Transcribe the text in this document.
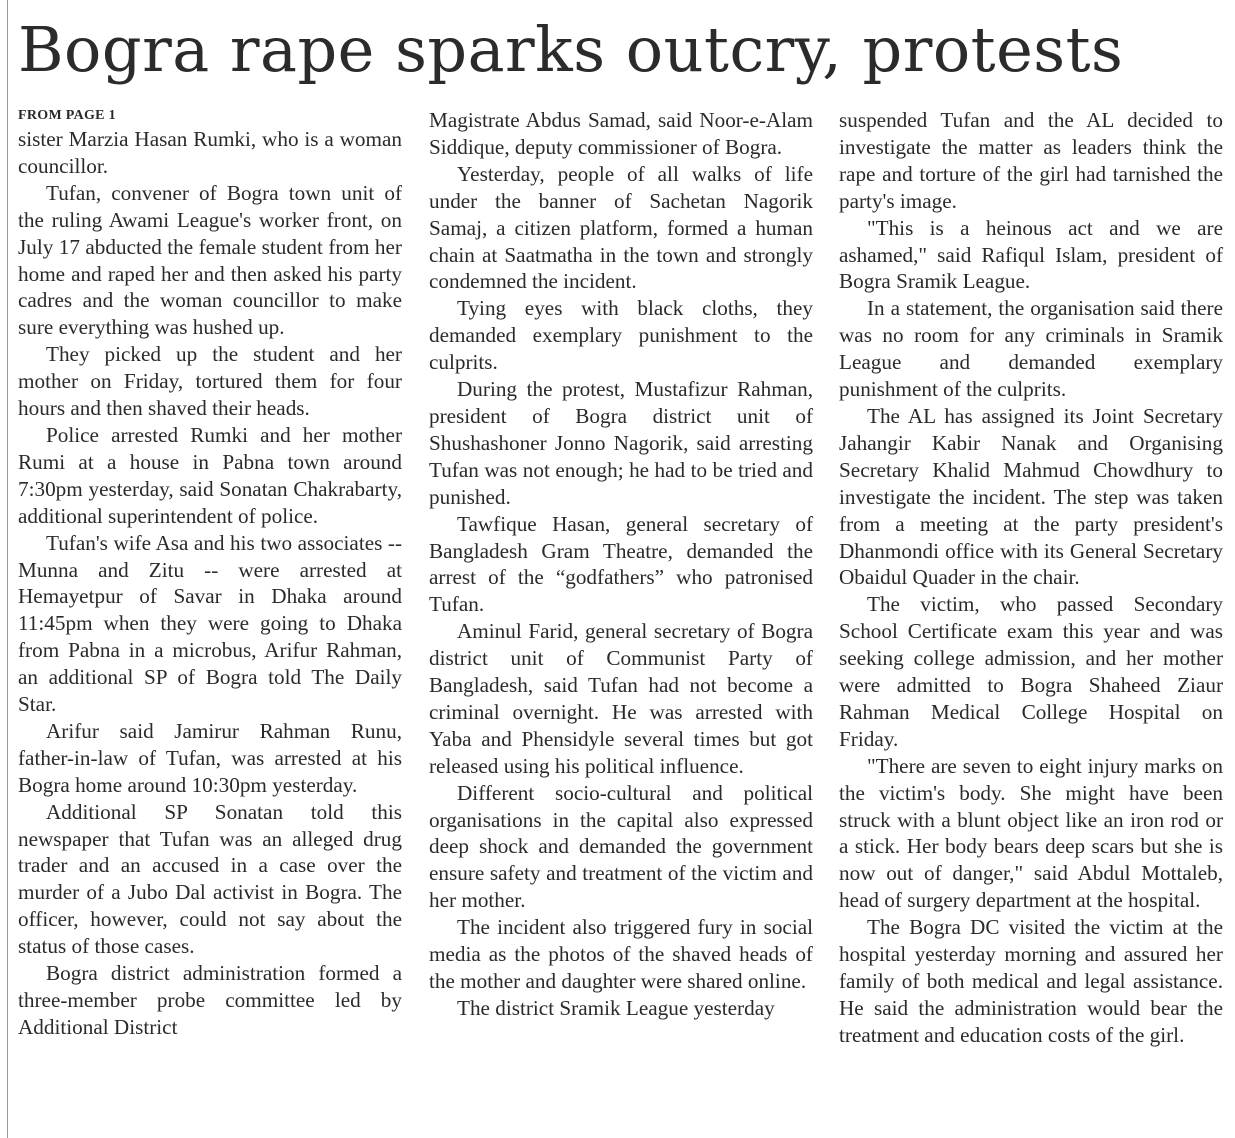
Bogra rape sparks outcry, protests
FROM PAGE 1

sister Marzia Hasan Rumki, who is a woman councillor.

Tufan, convener of Bogra town unit of the ruling Awami League's worker front, on July 17 abducted the female student from her home and raped her and then asked his party cadres and the woman councillor to make sure everything was hushed up.

They picked up the student and her mother on Friday, tortured them for four hours and then shaved their heads.

Police arrested Rumki and her mother Rumi at a house in Pabna town around 7:30pm yesterday, said Sonatan Chakrabarty, additional superintendent of police.

Tufan's wife Asa and his two associates -- Munna and Zitu -- were arrested at Hemayetpur of Savar in Dhaka around 11:45pm when they were going to Dhaka from Pabna in a microbus, Arifur Rahman, an additional SP of Bogra told The Daily Star.

Arifur said Jamirur Rahman Runu, father-in-law of Tufan, was arrested at his Bogra home around 10:30pm yesterday.

Additional SP Sonatan told this newspaper that Tufan was an alleged drug trader and an accused in a case over the murder of a Jubo Dal activist in Bogra. The officer, however, could not say about the status of those cases.

Bogra district administration formed a three-member probe committee led by Additional District

Magistrate Abdus Samad, said Noor-e-Alam Siddique, deputy commissioner of Bogra.

Yesterday, people of all walks of life under the banner of Sachetan Nagorik Samaj, a citizen platform, formed a human chain at Saatmatha in the town and strongly condemned the incident.

Tying eyes with black cloths, they demanded exemplary punishment to the culprits.

During the protest, Mustafizur Rahman, president of Bogra district unit of Shushashoner Jonno Nagorik, said arresting Tufan was not enough; he had to be tried and punished.

Tawfique Hasan, general secretary of Bangladesh Gram Theatre, demanded the arrest of the “godfathers” who patronised Tufan.

Aminul Farid, general secretary of Bogra district unit of Communist Party of Bangladesh, said Tufan had not become a criminal overnight. He was arrested with Yaba and Phensidyle several times but got released using his political influence.

Different socio-cultural and political organisations in the capital also expressed deep shock and demanded the government ensure safety and treatment of the victim and her mother.

The incident also triggered fury in social media as the photos of the shaved heads of the mother and daughter were shared online.

The district Sramik League yesterday

suspended Tufan and the AL decided to investigate the matter as leaders think the rape and torture of the girl had tarnished the party's image.

"This is a heinous act and we are ashamed," said Rafiqul Islam, president of Bogra Sramik League.

In a statement, the organisation said there was no room for any criminals in Sramik League and demanded exemplary punishment of the culprits.

The AL has assigned its Joint Secretary Jahangir Kabir Nanak and Organising Secretary Khalid Mahmud Chowdhury to investigate the incident. The step was taken from a meeting at the party president's Dhanmondi office with its General Secretary Obaidul Quader in the chair.

The victim, who passed Secondary School Certificate exam this year and was seeking college admission, and her mother were admitted to Bogra Shaheed Ziaur Rahman Medical College Hospital on Friday.

"There are seven to eight injury marks on the victim's body. She might have been struck with a blunt object like an iron rod or a stick. Her body bears deep scars but she is now out of danger," said Abdul Mottaleb, head of surgery department at the hospital.

The Bogra DC visited the victim at the hospital yesterday morning and assured her family of both medical and legal assistance. He said the administration would bear the treatment and education costs of the girl.
